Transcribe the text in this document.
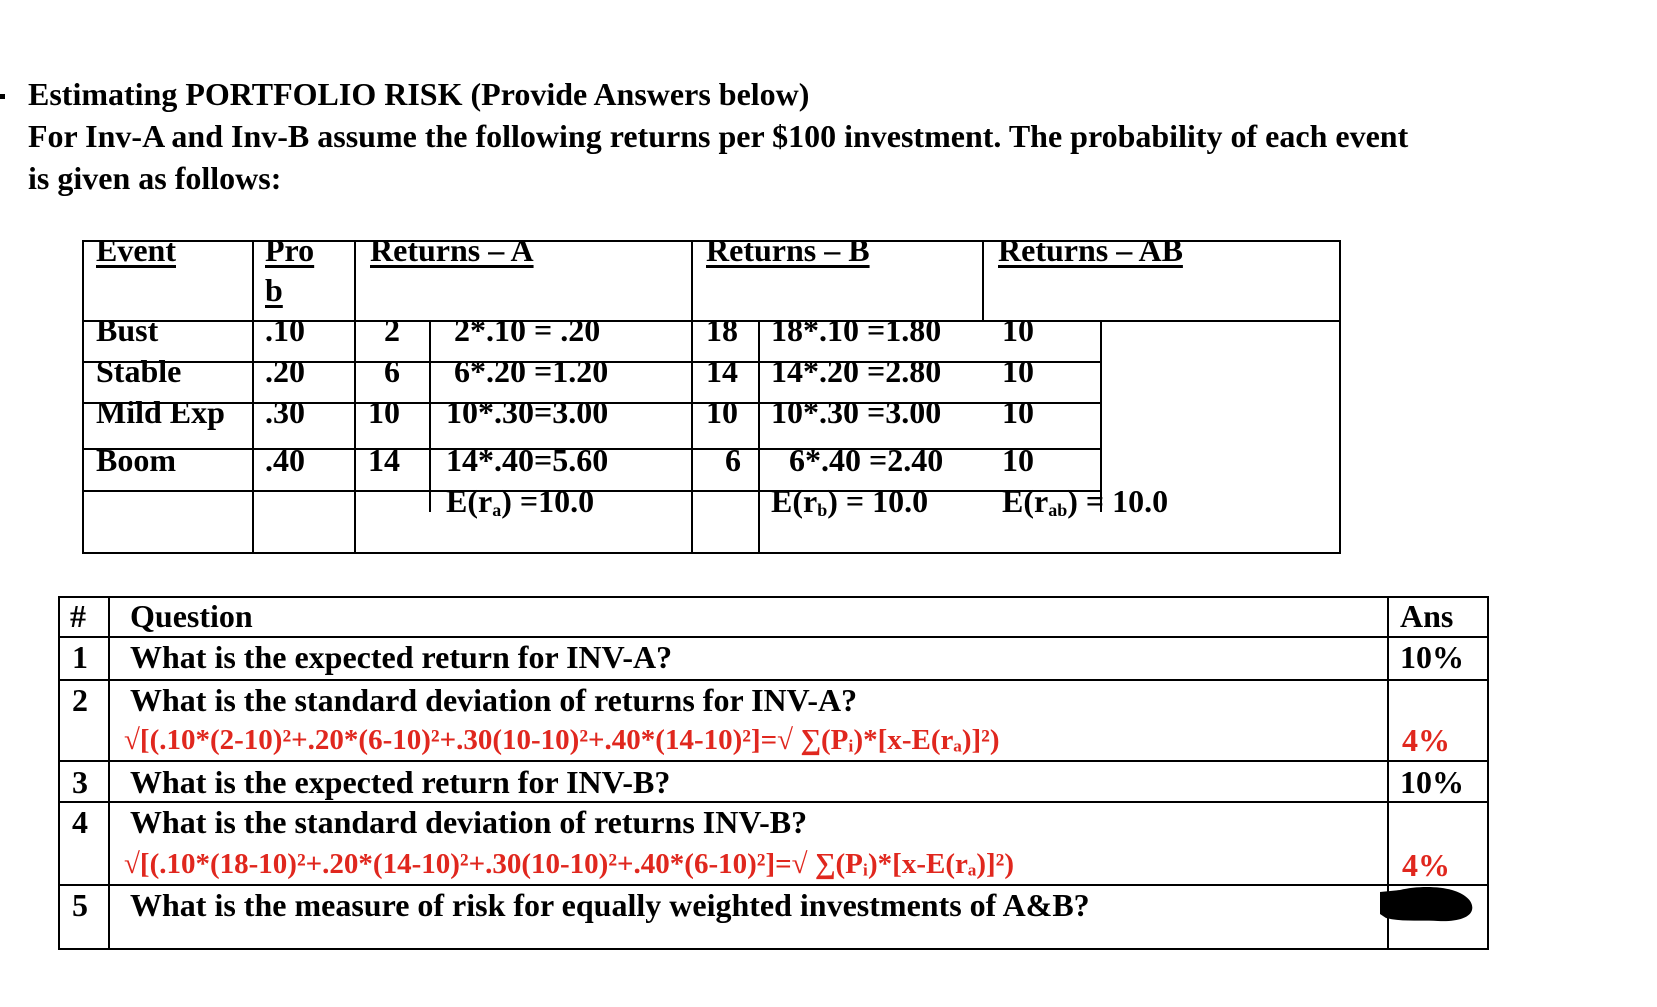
Estimating PORTFOLIO RISK (Provide Answers below)
For Inv-A and Inv-B assume the following returns per $100 investment. The probability of each event
is given as follows:
Event	Pro
b
Returns – A	Returns – B	Returns – AB
Bust	.10 2 2*.10 = .20	18 18*.10 =1.80 10
Stable	.20 6 6*.20 =1.20	14 14*.20 =2.80 10
Mild Exp .30 10 10*.30=3.00	10 10*.30 =3.00 10
Boom	.40 14 14*.40=5.60	6 6*.40 =2.40 10
$E(r_a) =10.0$	$E(r_b) = 10.0$ $E(r_{ab}) = 10.0$
# Question	Ans
1 What is the expected return for INV-A?	10%
2 What is the standard deviation of returns for INV-A?
√[(.10*(2-10)²+.20*(6-10)²+.30(10-10)²+.40*(14-10)²]=√ ∑(Pᵢ)*[x-E(rₐ)]²)	4%
3 What is the expected return for INV-B?	10%
4 What is the standard deviation of returns INV-B?
√[(.10*(18-10)²+.20*(14-10)²+.30(10-10)²+.40*(6-10)²]=√ ∑(Pᵢ)*[x-E(rₐ)]²)	4%
5 What is the measure of risk for equally weighted investments of A&B?
